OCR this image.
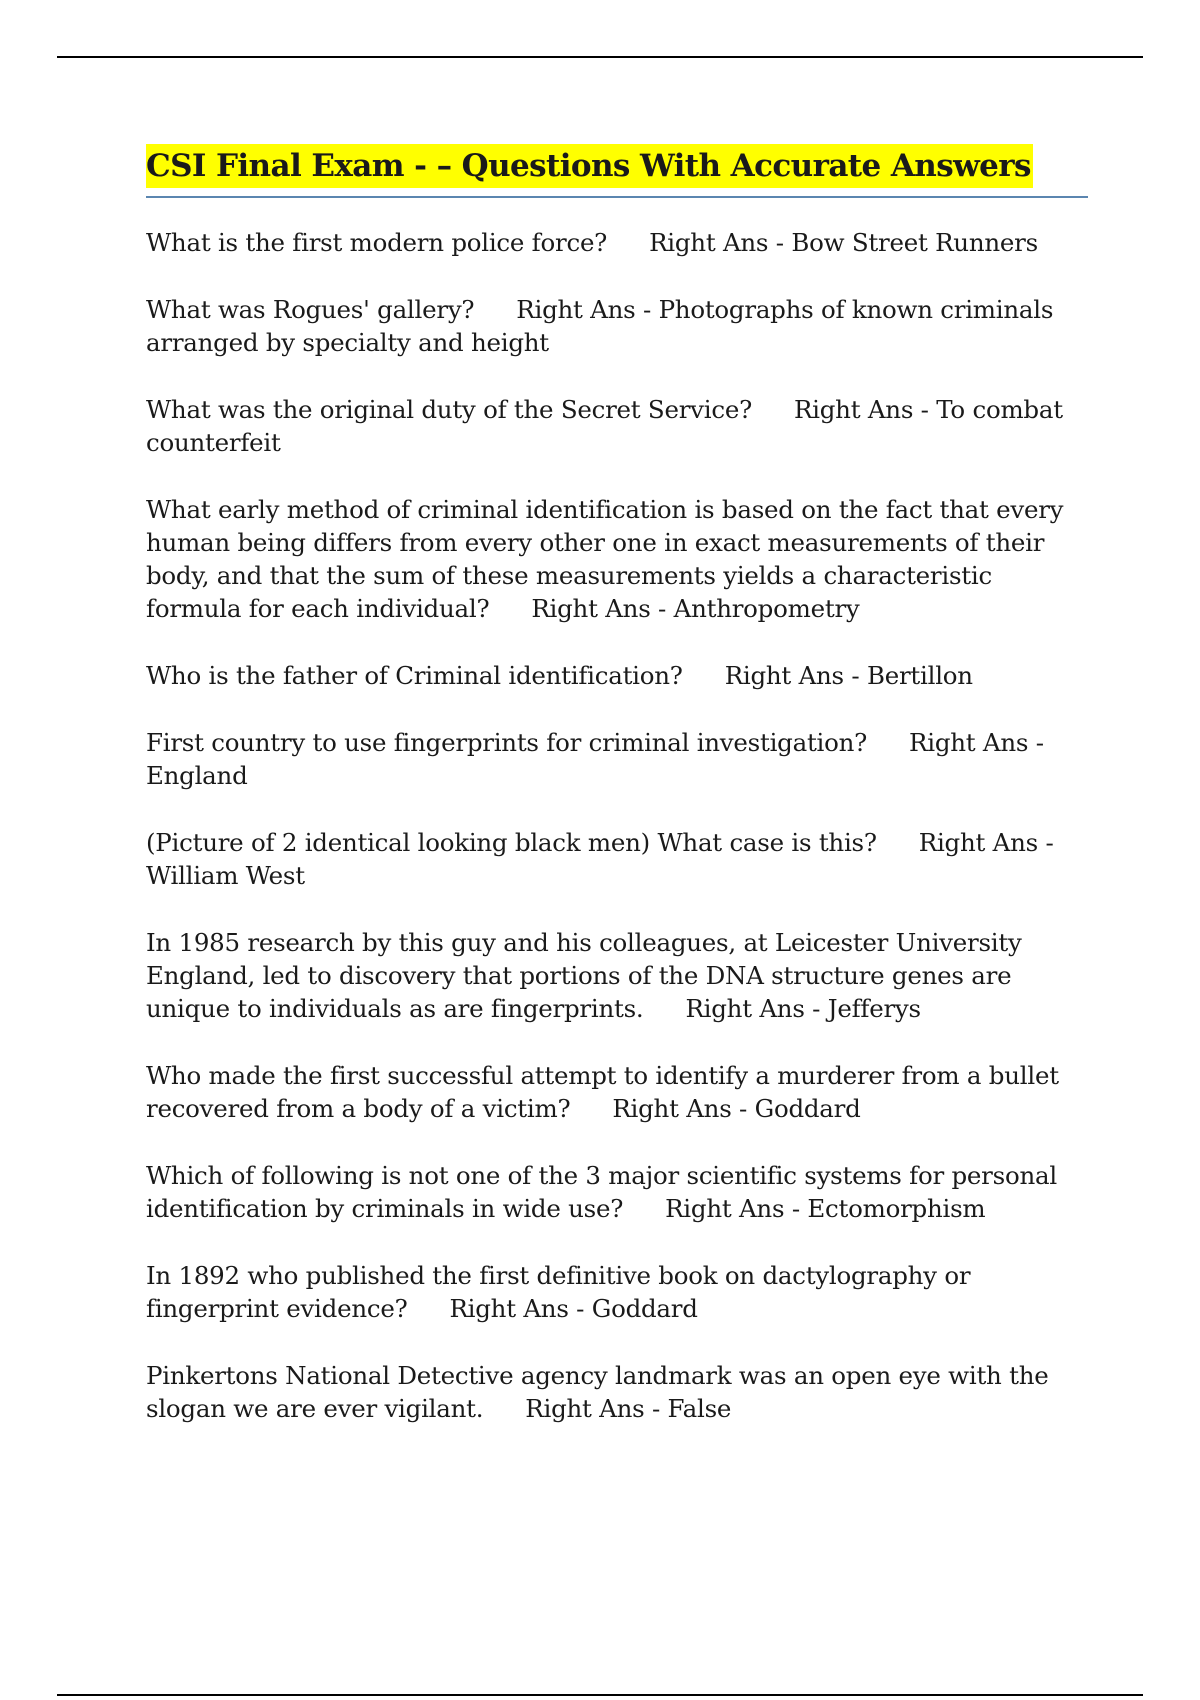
CSI Final Exam - – Questions With Accurate Answers

What is the first modern police force? Right Ans - Bow Street Runners

What was Rogues' gallery? Right Ans - Photographs of known criminals arranged by specialty and height

What was the original duty of the Secret Service? Right Ans - To combat counterfeit

What early method of criminal identification is based on the fact that every human being differs from every other one in exact measurements of their body, and that the sum of these measurements yields a characteristic formula for each individual? Right Ans - Anthropometry

Who is the father of Criminal identification? Right Ans - Bertillon

First country to use fingerprints for criminal investigation? Right Ans - England

(Picture of 2 identical looking black men) What case is this? Right Ans - William West

In 1985 research by this guy and his colleagues, at Leicester University England, led to discovery that portions of the DNA structure genes are unique to individuals as are fingerprints. Right Ans - Jefferys

Who made the first successful attempt to identify a murderer from a bullet recovered from a body of a victim? Right Ans - Goddard

Which of following is not one of the 3 major scientific systems for personal identification by criminals in wide use? Right Ans - Ectomorphism

In 1892 who published the first definitive book on dactylography or fingerprint evidence? Right Ans - Goddard

Pinkertons National Detective agency landmark was an open eye with the slogan we are ever vigilant. Right Ans - False
